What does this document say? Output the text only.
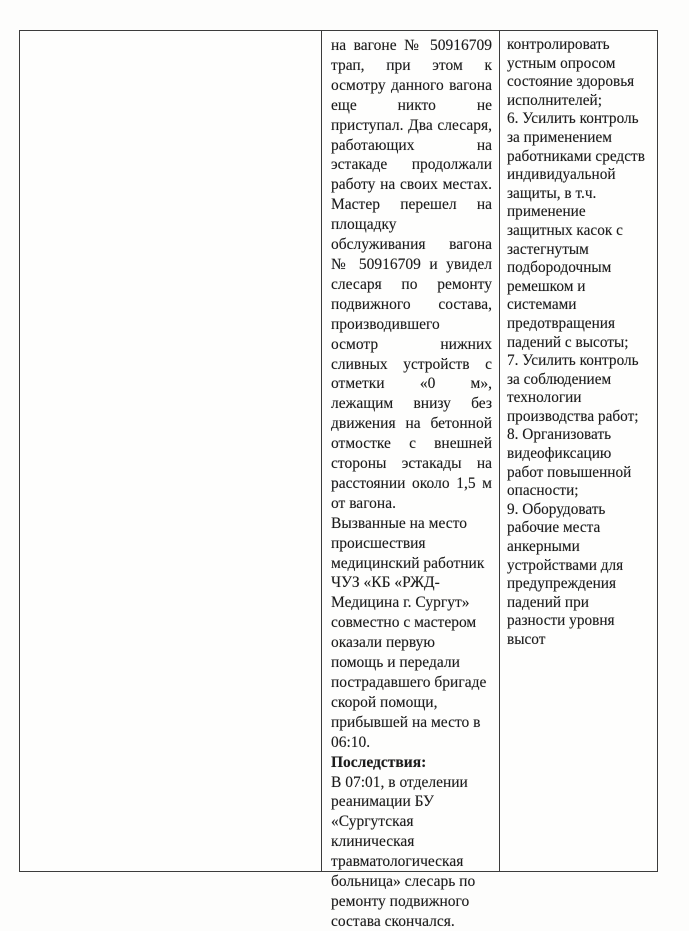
на вагоне № 50916709
трап, при этом к
осмотру данного вагона
еще никто не
приступал. Два слесаря,
работающих на
эстакаде продолжали
работу на своих местах.
Мастер перешел на
площадку
обслуживания вагона
№ 50916709 и увидел
слесаря по ремонту
подвижного состава,
производившего
осмотр нижних
сливных устройств с
отметки «0 м»,
лежащим внизу без
движения на бетонной
отмостке с внешней
стороны эстакады на
расстоянии около 1,5 м
от вагона.
Вызванные на место
происшествия
медицинский работник
ЧУЗ «КБ «РЖД-
Медицина г. Сургут»
совместно с мастером
оказали первую
помощь и передали
пострадавшего бригаде
скорой помощи,
прибывшей на место в
06:10.
Последствия:
В 07:01, в отделении
реанимации БУ
«Сургутская
клиническая
травматологическая
больница» слесарь по
ремонту подвижного
состава скончался.
контролировать
устным опросом
состояние здоровья
исполнителей;
6. Усилить контроль
за применением
работниками средств
индивидуальной
защиты, в т.ч.
применение
защитных касок с
застегнутым
подбородочным
ремешком и
системами
предотвращения
падений с высоты;
7. Усилить контроль
за соблюдением
технологии
производства работ;
8. Организовать
видеофиксацию
работ повышенной
опасности;
9. Оборудовать
рабочие места
анкерными
устройствами для
предупреждения
падений при
разности уровня
высот
